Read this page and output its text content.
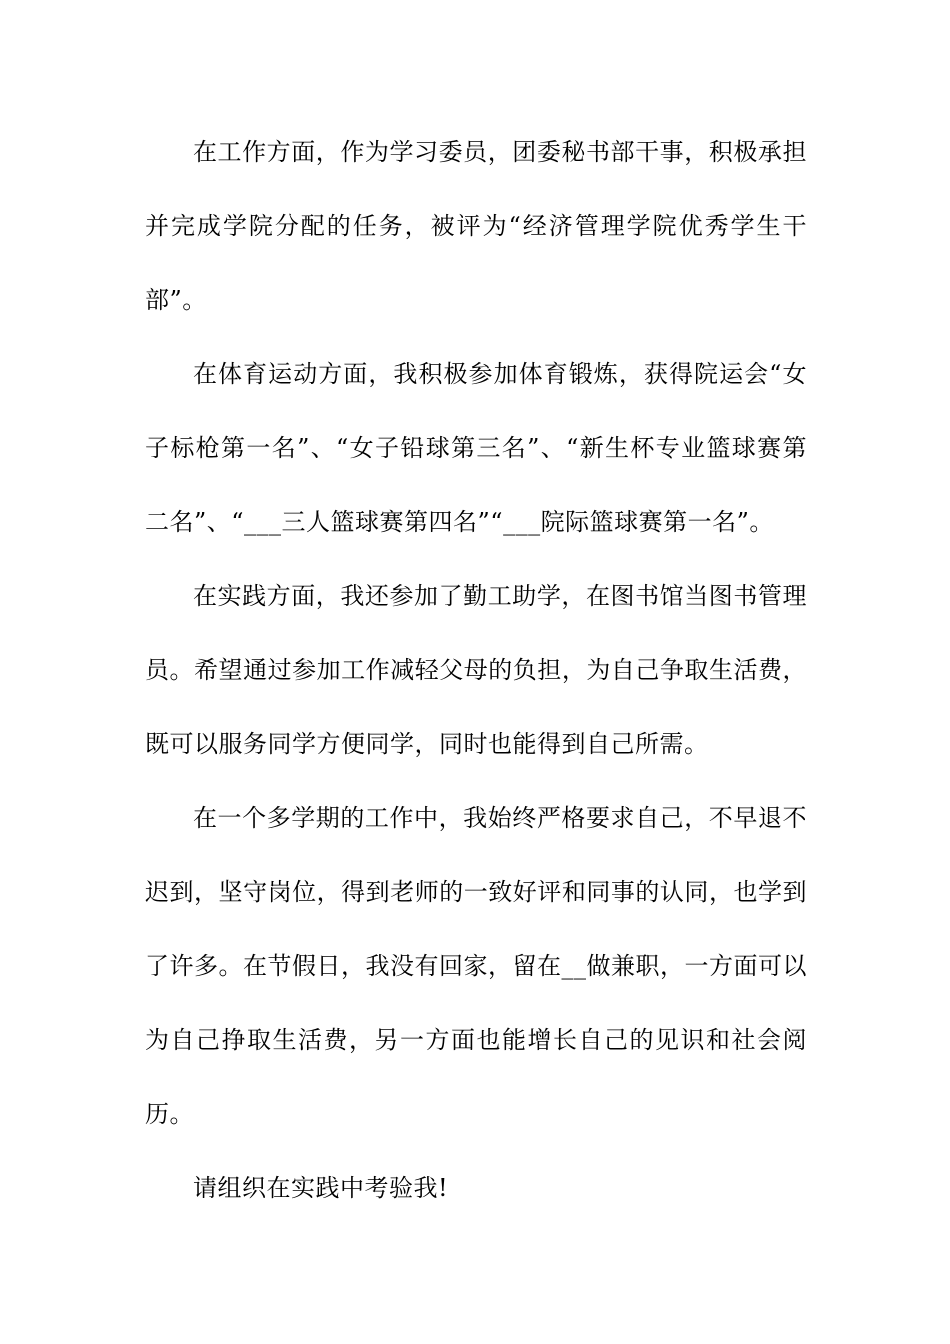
在工作方面，作为学习委员，团委秘书部干事，积极承担并完成学院分配的任务，被评为“经济管理学院优秀学生干部”。

在体育运动方面，我积极参加体育锻炼，获得院运会“女子标枪第一名”、“女子铅球第三名”、“新生杯专业篮球赛第二名”、“___三人篮球赛第四名”“___院际篮球赛第一名”。

在实践方面，我还参加了勤工助学，在图书馆当图书管理员。希望通过参加工作减轻父母的负担，为自己争取生活费，既可以服务同学方便同学，同时也能得到自己所需。

在一个多学期的工作中，我始终严格要求自己，不早退不迟到，坚守岗位，得到老师的一致好评和同事的认同，也学到了许多。在节假日，我没有回家，留在__做兼职，一方面可以为自己挣取生活费，另一方面也能增长自己的见识和社会阅历。

请组织在实践中考验我!
